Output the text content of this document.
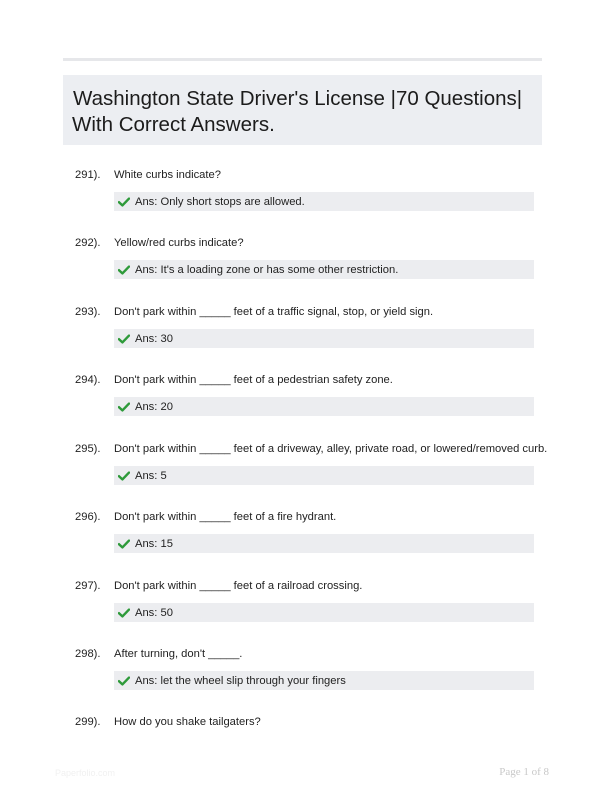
Washington State Driver's License |70 Questions|
With Correct Answers.
291). White curbs indicate?
Ans: Only short stops are allowed.
292). Yellow/red curbs indicate?
Ans: It's a loading zone or has some other restriction.
293). Don't park within _____ feet of a traffic signal, stop, or yield sign.
Ans: 30
294). Don't park within _____ feet of a pedestrian safety zone.
Ans: 20
295). Don't park within _____ feet of a driveway, alley, private road, or lowered/removed curb.
Ans: 5
296). Don't park within _____ feet of a fire hydrant.
Ans: 15
297). Don't park within _____ feet of a railroad crossing.
Ans: 50
298). After turning, don't _____.
Ans: let the wheel slip through your fingers
299). How do you shake tailgaters?
Paperfolio.com	Page 1 of 8
